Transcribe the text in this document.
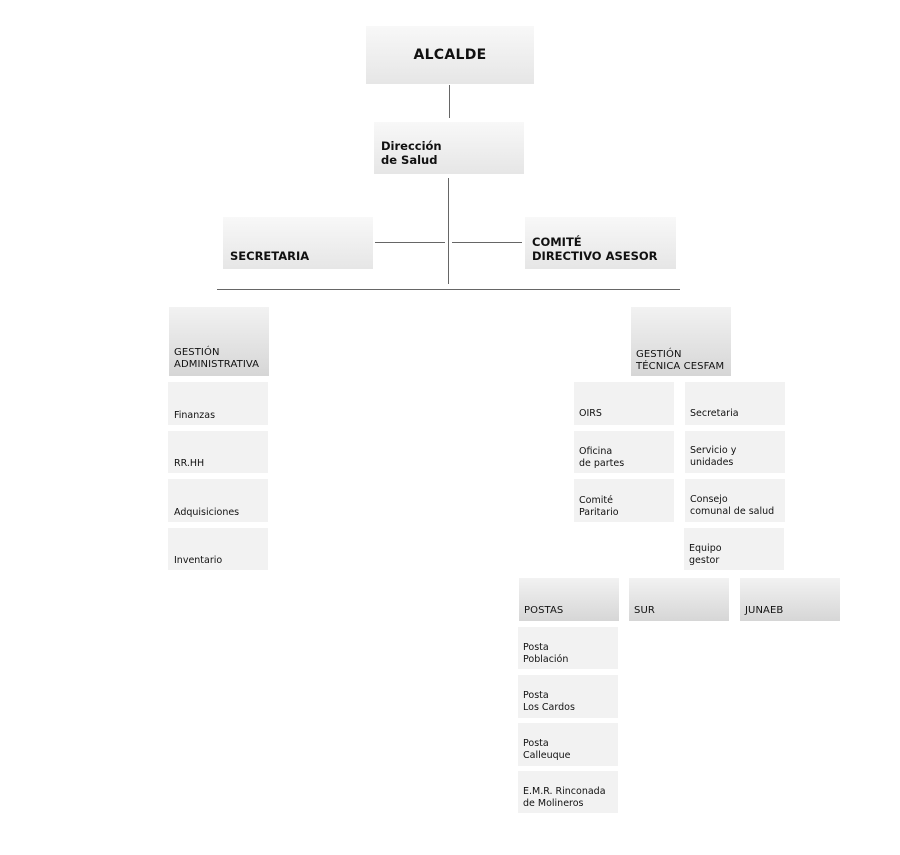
ALCALDE
Dirección
de Salud
SECRETARIA
COMITÉ
DIRECTIVO ASESOR
GESTIÓN
ADMINISTRATIVA
Finanzas
RR.HH
Adquisiciones
Inventario
GESTIÓN
TÉCNICA CESFAM
OIRS
Oficina
de partes
Comité
Paritario
Secretaria
Servicio y
unidades
Consejo
comunal de salud
Equipo
gestor
POSTAS	SUR	JUNAEB
Posta
Población
Posta
Los Cardos
Posta
Calleuque
E.M.R. Rinconada
de Molineros
